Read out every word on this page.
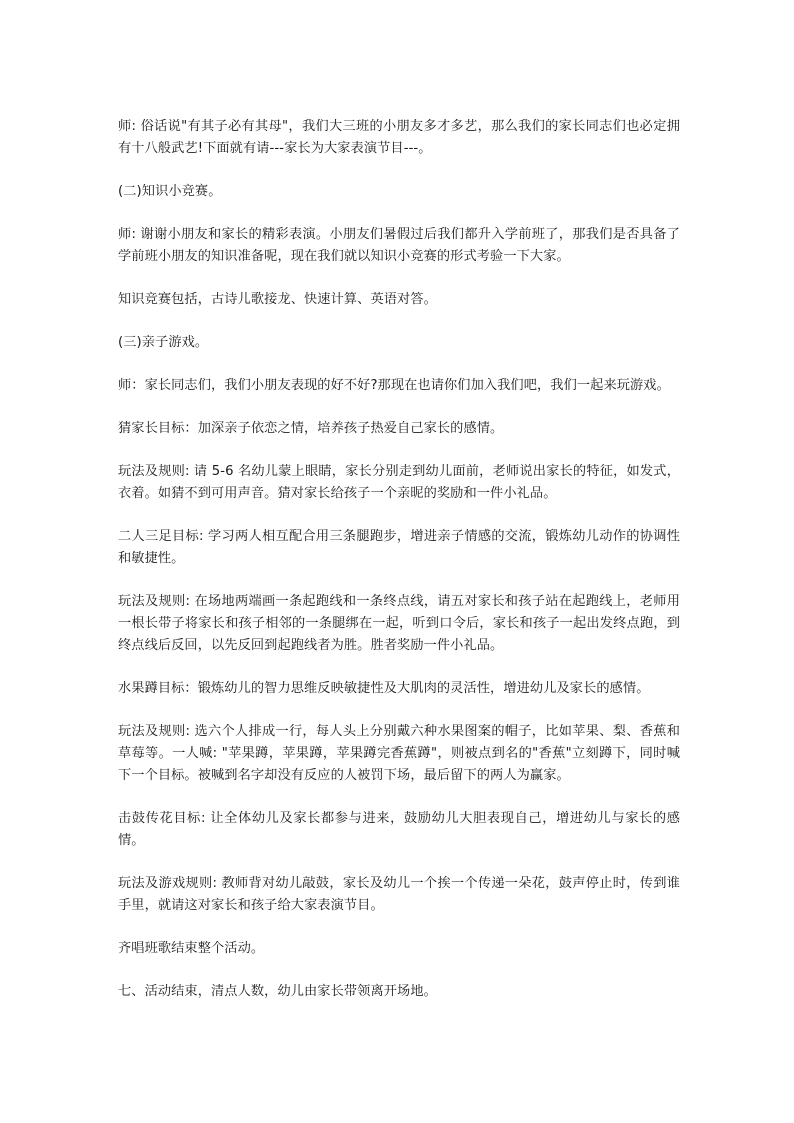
师: 俗话说"有其子必有其母"，我们大三班的小朋友多才多艺，那么我们的家长同志们也必定拥有十八般武艺!下面就有请---家长为大家表演节目---。

(二)知识小竞赛。

师: 谢谢小朋友和家长的精彩表演。小朋友们暑假过后我们都升入学前班了，那我们是否具备了学前班小朋友的知识准备呢，现在我们就以知识小竞赛的形式考验一下大家。

知识竞赛包括，古诗儿歌接龙、快速计算、英语对答。

(三)亲子游戏。

师：家长同志们，我们小朋友表现的好不好?那现在也请你们加入我们吧，我们一起来玩游戏。

猜家长目标：加深亲子依恋之情，培养孩子热爱自己家长的感情。

玩法及规则: 请 5-6 名幼儿蒙上眼睛，家长分别走到幼儿面前，老师说出家长的特征，如发式，衣着。如猜不到可用声音。猜对家长给孩子一个亲昵的奖励和一件小礼品。

二人三足目标: 学习两人相互配合用三条腿跑步，增进亲子情感的交流，锻炼幼儿动作的协调性和敏捷性。

玩法及规则: 在场地两端画一条起跑线和一条终点线，请五对家长和孩子站在起跑线上，老师用一根长带子将家长和孩子相邻的一条腿绑在一起，听到口令后，家长和孩子一起出发终点跑，到终点线后反回，以先反回到起跑线者为胜。胜者奖励一件小礼品。

水果蹲目标：锻炼幼儿的智力思维反映敏捷性及大肌肉的灵活性，增进幼儿及家长的感情。

玩法及规则: 选六个人排成一行，每人头上分别戴六种水果图案的帽子，比如苹果、梨、香蕉和草莓等。一人喊: "苹果蹲，苹果蹲，苹果蹲完香蕉蹲"，则被点到名的"香蕉"立刻蹲下，同时喊下一个目标。被喊到名字却没有反应的人被罚下场，最后留下的两人为赢家。

击鼓传花目标: 让全体幼儿及家长都参与进来，鼓励幼儿大胆表现自己，增进幼儿与家长的感情。

玩法及游戏规则: 教师背对幼儿敲鼓，家长及幼儿一个挨一个传递一朵花，鼓声停止时，传到谁手里，就请这对家长和孩子给大家表演节目。

齐唱班歌结束整个活动。

七、活动结束，清点人数，幼儿由家长带领离开场地。
